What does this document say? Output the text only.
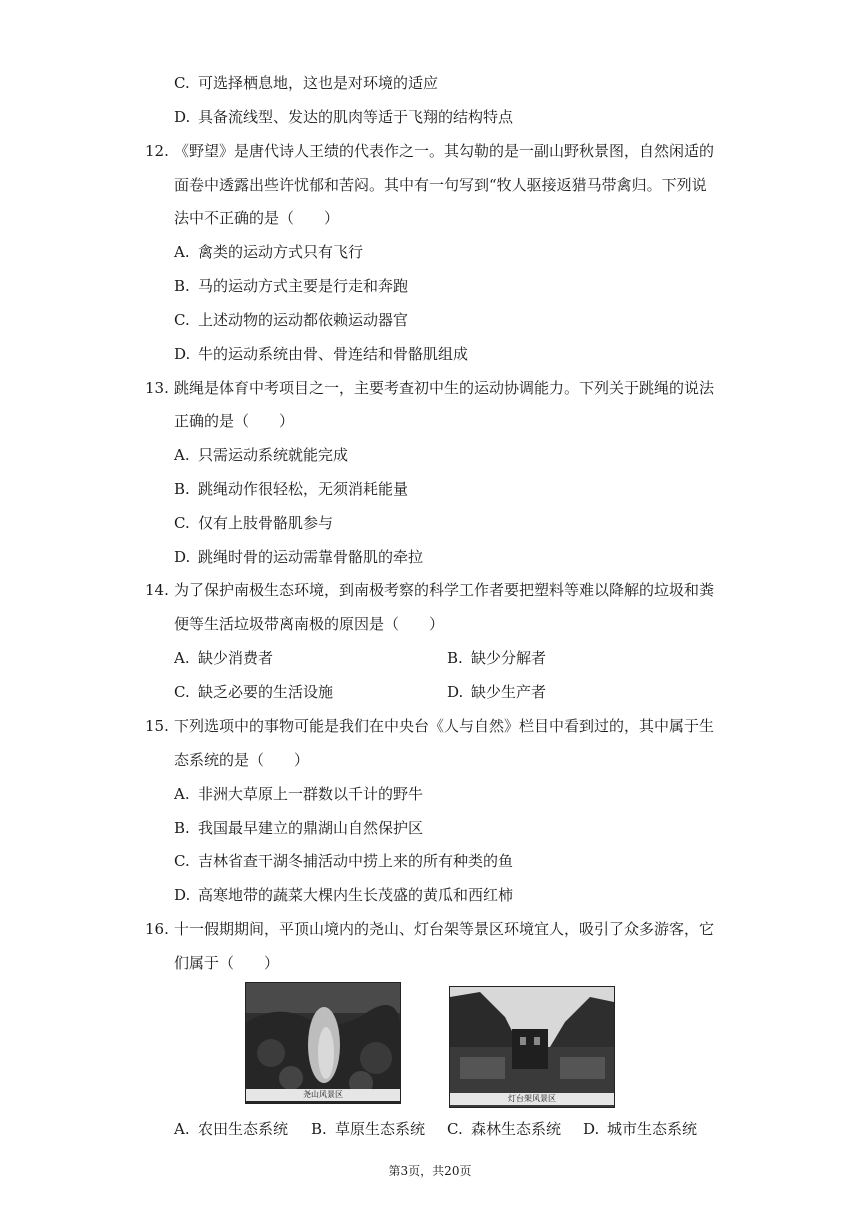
C. 可选择栖息地，这也是对环境的适应
D. 具备流线型、发达的肌肉等适于飞翔的结构特点
12. 《野望》是唐代诗人王绩的代表作之一。其勾勒的是一副山野秋景图，自然闲适的
面卷中透露出些许忧郁和苦闷。其中有一句写到“牧人驱接返猎马带禽归。下列说
法中不正确的是（　　）
A. 禽类的运动方式只有飞行
B. 马的运动方式主要是行走和奔跑
C. 上述动物的运动都依赖运动器官
D. 牛的运动系统由骨、骨连结和骨骼肌组成
13. 跳绳是体育中考项目之一，主要考查初中生的运动协调能力。下列关于跳绳的说法
正确的是（　　）
A. 只需运动系统就能完成
B. 跳绳动作很轻松，无须消耗能量
C. 仅有上肢骨骼肌参与
D. 跳绳时骨的运动需靠骨骼肌的牵拉
14. 为了保护南极生态环境，到南极考察的科学工作者要把塑料等难以降解的垃圾和粪
便等生活垃圾带离南极的原因是（　　）
A. 缺少消费者	B. 缺少分解者
C. 缺乏必要的生活设施	D. 缺少生产者
15. 下列选项中的事物可能是我们在中央台《人与自然》栏目中看到过的，其中属于生
态系统的是（　　）
A. 非洲大草原上一群数以千计的野牛
B. 我国最早建立的鼎湖山自然保护区
C. 吉林省查干湖冬捕活动中捞上来的所有种类的鱼
D. 高寒地带的蔬菜大棵内生长茂盛的黄瓜和西红柿
16. 十一假期期间，平顶山境内的尧山、灯台架等景区环境宜人，吸引了众多游客，它
们属于（　　）
尧山风景区	灯台架风景区
A. 农田生态系统 B. 草原生态系统 C. 森林生态系统 D. 城市生态系统
第3页，共20页
